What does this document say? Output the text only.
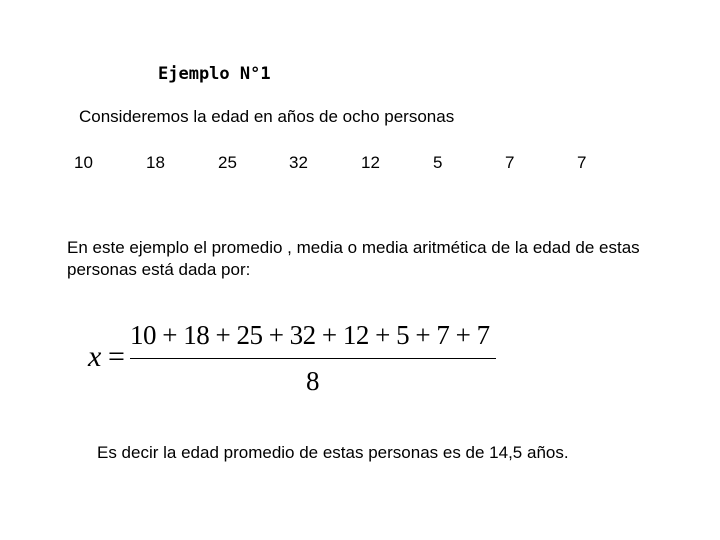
Ejemplo N°1
Consideremos la edad en años de ocho personas
10	18	25	32	12	5	7	7
En este ejemplo el promedio , media o media aritmética de la edad de estas personas está dada por:
x =
10 + 18 + 25 + 32 + 12 + 5 + 7 + 7
8
Es decir la edad promedio de estas personas es de 14,5 años.
